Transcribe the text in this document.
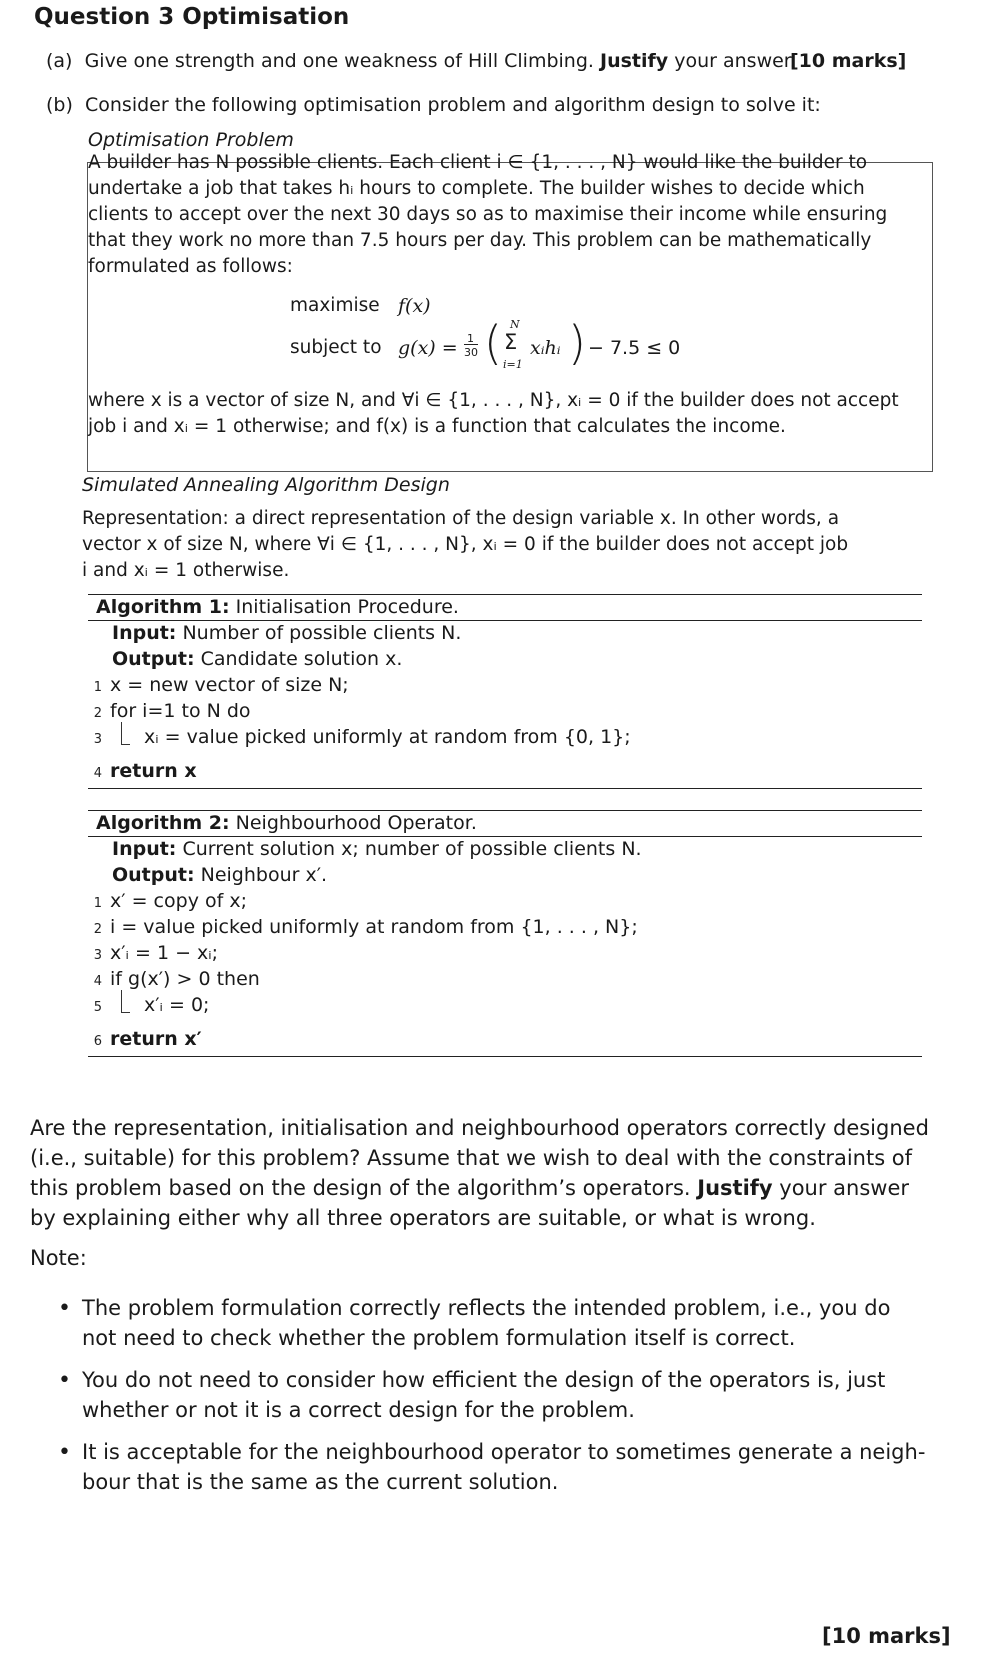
Question 3 Optimisation
(a) Give one strength and one weakness of Hill Climbing. Justify your answer.
[10 marks]
(b) Consider the following optimisation problem and algorithm design to solve it:
Optimisation Problem
A builder has N possible clients. Each client i ∈ {1, . . . , N} would like the builder to
undertake a job that takes hᵢ hours to complete. The builder wishes to decide which
clients to accept over the next 30 days so as to maximise their income while ensuring
that they work no more than 7.5 hours per day. This problem can be mathematically
formulated as follows:
maximise f(x)
subject to g(x) = 1
30 ( N
Σ
i=1
xᵢhᵢ ) − 7.5 ≤ 0
where x is a vector of size N, and ∀i ∈ {1, . . . , N}, xᵢ = 0 if the builder does not accept
job i and xᵢ = 1 otherwise; and f(x) is a function that calculates the income.
Simulated Annealing Algorithm Design
Representation: a direct representation of the design variable x. In other words, a
vector x of size N, where ∀i ∈ {1, . . . , N}, xᵢ = 0 if the builder does not accept job
i and xᵢ = 1 otherwise.
Algorithm 1: Initialisation Procedure.
Input: Number of possible clients N.
Output: Candidate solution x.
1 x = new vector of size N;
2 for i=1 to N do
3 xᵢ = value picked uniformly at random from {0, 1};
4 return x
Algorithm 2: Neighbourhood Operator.
Input: Current solution x; number of possible clients N.
Output: Neighbour x′.
1 x′ = copy of x;
2 i = value picked uniformly at random from {1, . . . , N};
3 x′ᵢ = 1 − xᵢ;
4 if g(x′) > 0 then
5 x′ᵢ = 0;
6 return x′
Are the representation, initialisation and neighbourhood operators correctly designed
(i.e., suitable) for this problem? Assume that we wish to deal with the constraints of
this problem based on the design of the algorithm’s operators. Justify your answer
by explaining either why all three operators are suitable, or what is wrong.
Note:
• The problem formulation correctly reflects the intended problem, i.e., you do
not need to check whether the problem formulation itself is correct.
• You do not need to consider how efficient the design of the operators is, just
whether or not it is a correct design for the problem.
• It is acceptable for the neighbourhood operator to sometimes generate a neigh-
bour that is the same as the current solution.
[10 marks]
